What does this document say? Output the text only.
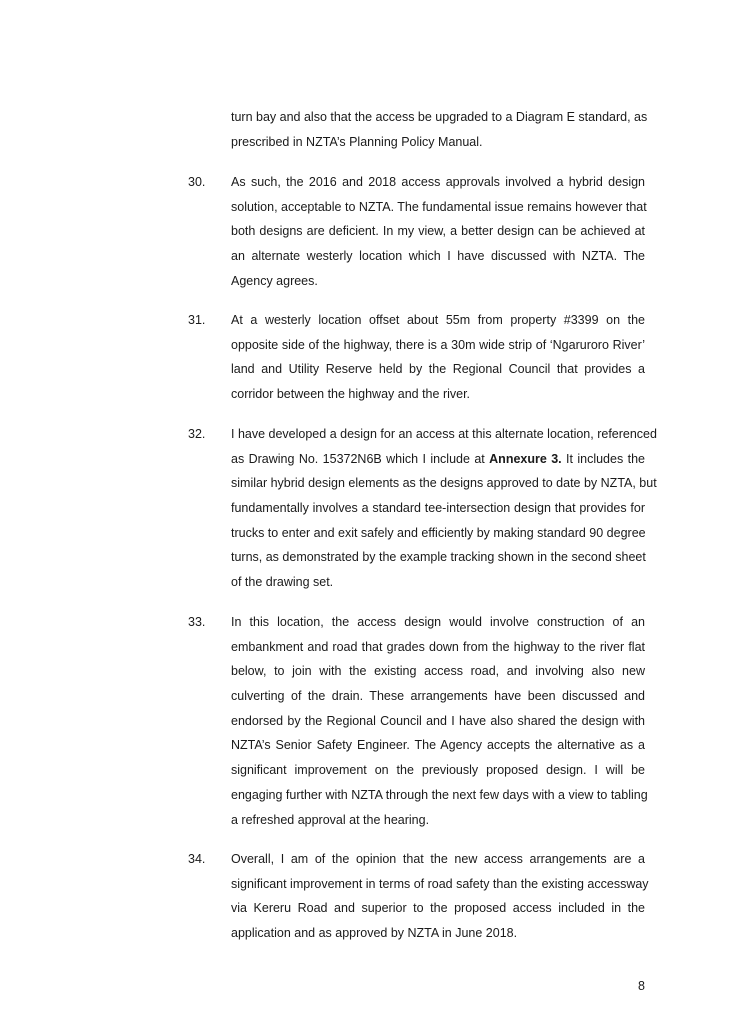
turn bay and also that the access be upgraded to a Diagram E standard, as
prescribed in NZTA’s Planning Policy Manual.
30. As such, the 2016 and 2018 access approvals involved a hybrid design
solution, acceptable to NZTA. The fundamental issue remains however that
both designs are deficient. In my view, a better design can be achieved at
an alternate westerly location which I have discussed with NZTA. The
Agency agrees.
31. At a westerly location offset about 55m from property #3399 on the
opposite side of the highway, there is a 30m wide strip of ‘Ngaruroro River’
land and Utility Reserve held by the Regional Council that provides a
corridor between the highway and the river.
32. I have developed a design for an access at this alternate location, referenced
as Drawing No. 15372N6B which I include at Annexure 3. It includes the
similar hybrid design elements as the designs approved to date by NZTA, but
fundamentally involves a standard tee-intersection design that provides for
trucks to enter and exit safely and efficiently by making standard 90 degree
turns, as demonstrated by the example tracking shown in the second sheet
of the drawing set.
33. In this location, the access design would involve construction of an
embankment and road that grades down from the highway to the river flat
below, to join with the existing access road, and involving also new
culverting of the drain. These arrangements have been discussed and
endorsed by the Regional Council and I have also shared the design with
NZTA’s Senior Safety Engineer. The Agency accepts the alternative as a
significant improvement on the previously proposed design. I will be
engaging further with NZTA through the next few days with a view to tabling
a refreshed approval at the hearing.
34. Overall, I am of the opinion that the new access arrangements are a
significant improvement in terms of road safety than the existing accessway
via Kereru Road and superior to the proposed access included in the
application and as approved by NZTA in June 2018.
8
